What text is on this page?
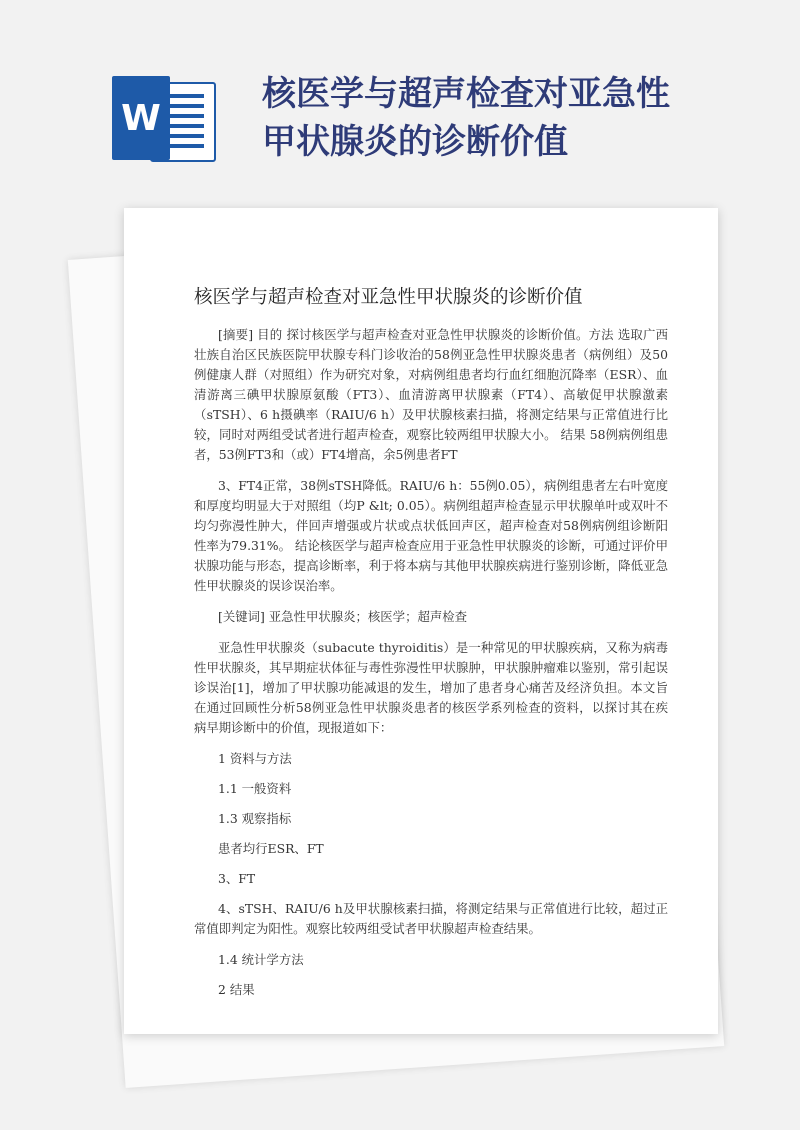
W
核医学与超声检查对亚急性甲状腺炎的诊断价值
核医学与超声检查对亚急性甲状腺炎的诊断价值

[摘要] 目的 探讨核医学与超声检查对亚急性甲状腺炎的诊断价值。方法 选取广西壮族自治区民族医院甲状腺专科门诊收治的58例亚急性甲状腺炎患者（病例组）及50例健康人群（对照组）作为研究对象，对病例组患者均行血红细胞沉降率（ESR）、血清游离三碘甲状腺原氨酸（FT3）、血清游离甲状腺素（FT4）、高敏促甲状腺激素（sTSH）、6 h摄碘率（RAIU/6 h）及甲状腺核素扫描，将测定结果与正常值进行比较，同时对两组受试者进行超声检查，观察比较两组甲状腺大小。 结果 58例病例组患者，53例FT3和（或）FT4增高，余5例患者FT

3、FT4正常，38例sTSH降低。RAIU/6 h：55例0.05），病例组患者左右叶宽度和厚度均明显大于对照组（均P &lt; 0.05）。病例组超声检查显示甲状腺单叶或双叶不均匀弥漫性肿大，伴回声增强或片状或点状低回声区，超声检查对58例病例组诊断阳性率为79.31%。 结论核医学与超声检查应用于亚急性甲状腺炎的诊断，可通过评价甲状腺功能与形态，提高诊断率，利于将本病与其他甲状腺疾病进行鉴别诊断，降低亚急性甲状腺炎的误诊误治率。

[关键词] 亚急性甲状腺炎；核医学；超声检查

亚急性甲状腺炎（subacute thyroiditis）是一种常见的甲状腺疾病，又称为病毒性甲状腺炎，其早期症状体征与毒性弥漫性甲状腺肿，甲状腺肿瘤难以鉴别，常引起误诊误治[1]，增加了甲状腺功能减退的发生，增加了患者身心痛苦及经济负担。本文旨在通过回顾性分析58例亚急性甲状腺炎患者的核医学系列检查的资料，以探讨其在疾病早期诊断中的价值，现报道如下：

1 资料与方法

1.1 一般资料

1.3 观察指标

患者均行ESR、FT

3、FT

4、sTSH、RAIU/6 h及甲状腺核素扫描，将测定结果与正常值进行比较，超过正常值即判定为阳性。观察比较两组受试者甲状腺超声检查结果。

1.4 统计学方法

2 结果
